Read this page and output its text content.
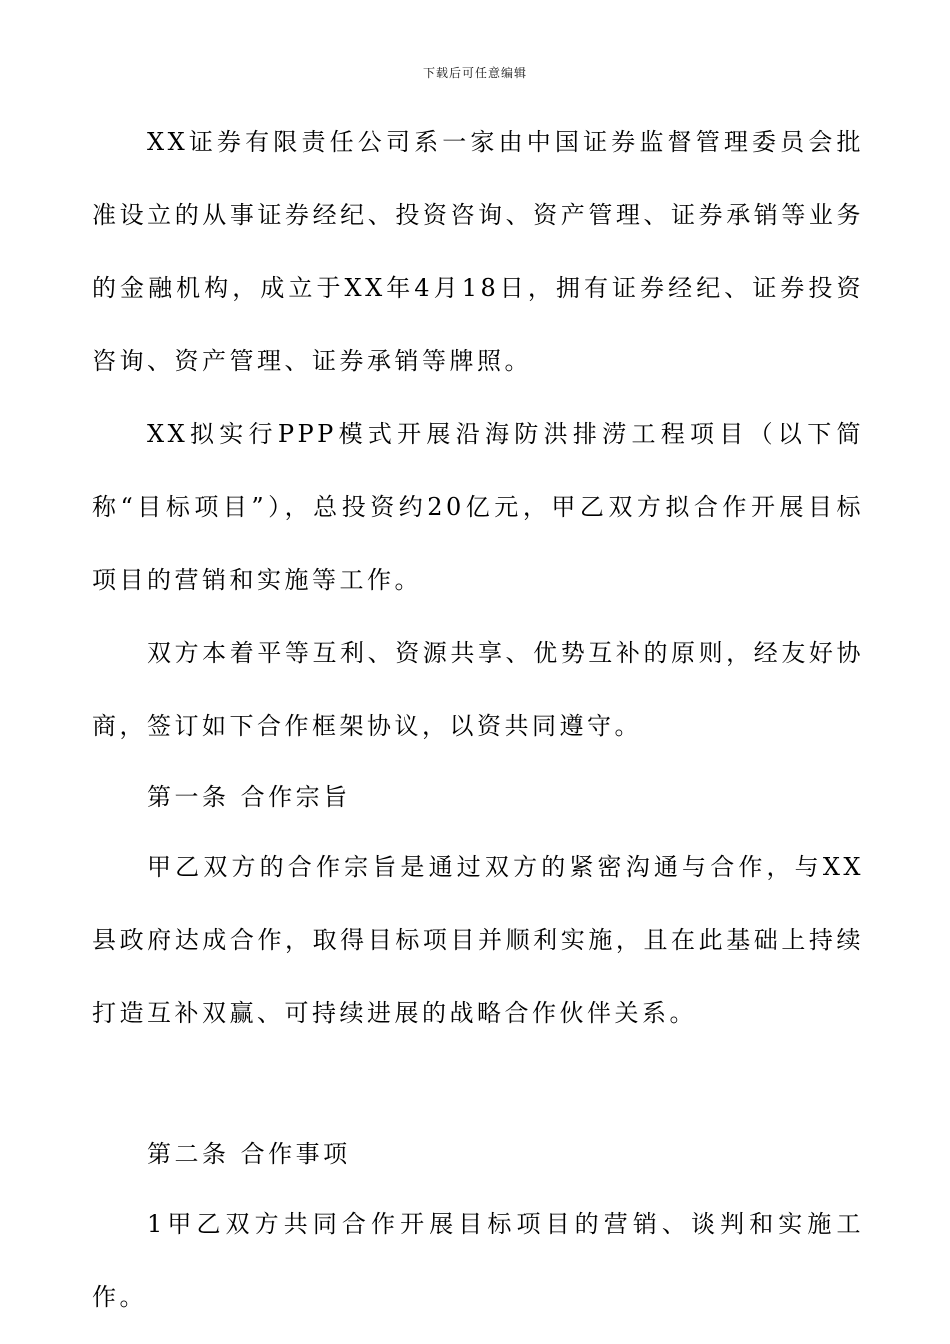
下载后可任意编辑

XX证券有限责任公司系一家由中国证券监督管理委员会批准设立的从事证券经纪、投资咨询、资产管理、证券承销等业务的金融机构，成立于XX年4月18日，拥有证券经纪、证券投资咨询、资产管理、证券承销等牌照。

XX拟实行PPP模式开展沿海防洪排涝工程项目（以下简称“目标项目”），总投资约20亿元，甲乙双方拟合作开展目标项目的营销和实施等工作。

双方本着平等互利、资源共享、优势互补的原则，经友好协商，签订如下合作框架协议，以资共同遵守。

第一条 合作宗旨

甲乙双方的合作宗旨是通过双方的紧密沟通与合作，与XX县政府达成合作，取得目标项目并顺利实施，且在此基础上持续打造互补双赢、可持续进展的战略合作伙伴关系。

第二条 合作事项

1甲乙双方共同合作开展目标项目的营销、谈判和实施工作。
